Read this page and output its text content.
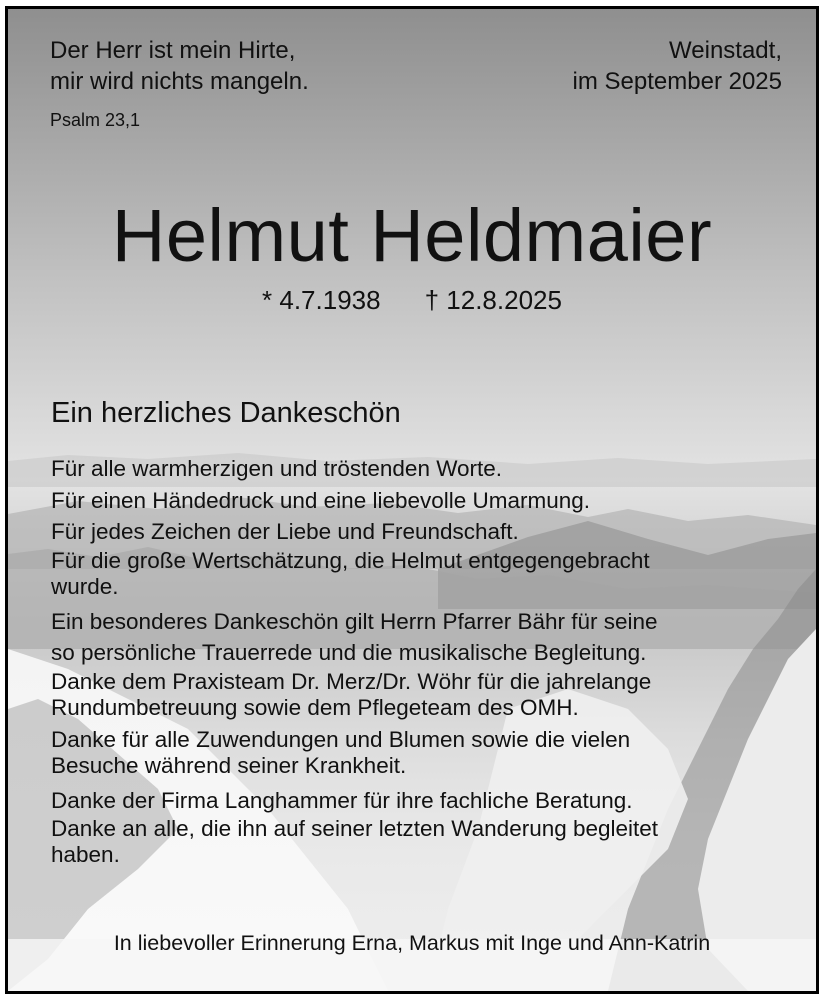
Der Herr ist mein Hirte,
mir wird nichts mangeln.
Weinstadt,
im September 2025
Psalm 23,1
Helmut Heldmaier
* 4.7.1938 † 12.8.2025
Ein herzliches Dankeschön

Für alle warmherzigen und tröstenden Worte.

Für einen Händedruck und eine liebevolle Umarmung.

Für jedes Zeichen der Liebe und Freundschaft.

Für die große Wertschätzung, die Helmut entgegengebracht

wurde.

Ein besonderes Dankeschön gilt Herrn Pfarrer Bähr für seine

so persönliche Trauerrede und die musikalische Begleitung.

Danke dem Praxisteam Dr. Merz/Dr. Wöhr für die jahrelange

Rundumbetreuung sowie dem Pflegeteam des OMH.

Danke für alle Zuwendungen und Blumen sowie die vielen

Besuche während seiner Krankheit.

Danke der Firma Langhammer für ihre fachliche Beratung.

Danke an alle, die ihn auf seiner letzten Wanderung begleitet

haben.

In liebevoller Erinnerung Erna, Markus mit Inge und Ann-Katrin
